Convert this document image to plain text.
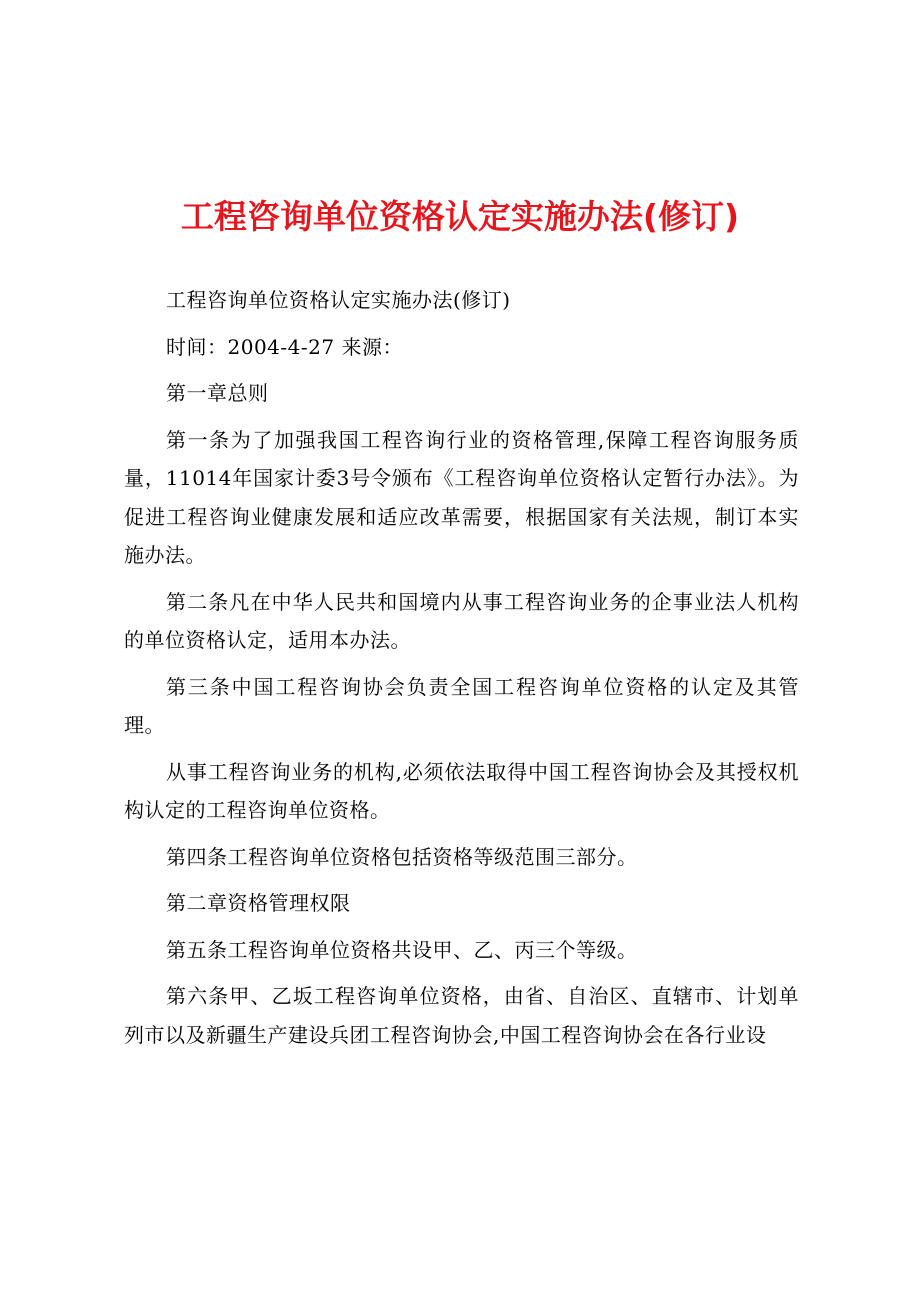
工程咨询单位资格认定实施办法(修订)

工程咨询单位资格认定实施办法(修订)

时间：2004-4-27 来源：

第一章总则

第一条为了加强我国工程咨询行业的资格管理,保障工程咨询服务质量，11014年国家计委3号令颁布《工程咨询单位资格认定暂行办法》。为促进工程咨询业健康发展和适应改革需要，根据国家有关法规，制订本实施办法。

第二条凡在中华人民共和国境内从事工程咨询业务的企事业法人机构的单位资格认定，适用本办法。

第三条中国工程咨询协会负责全国工程咨询单位资格的认定及其管理。

从事工程咨询业务的机构,必须依法取得中国工程咨询协会及其授权机构认定的工程咨询单位资格。

第四条工程咨询单位资格包括资格等级范围三部分。

第二章资格管理权限

第五条工程咨询单位资格共设甲、乙、丙三个等级。

第六条甲、乙坂工程咨询单位资格，由省、自治区、直辖市、计划单列市以及新疆生产建设兵团工程咨询协会,中国工程咨询协会在各行业设
